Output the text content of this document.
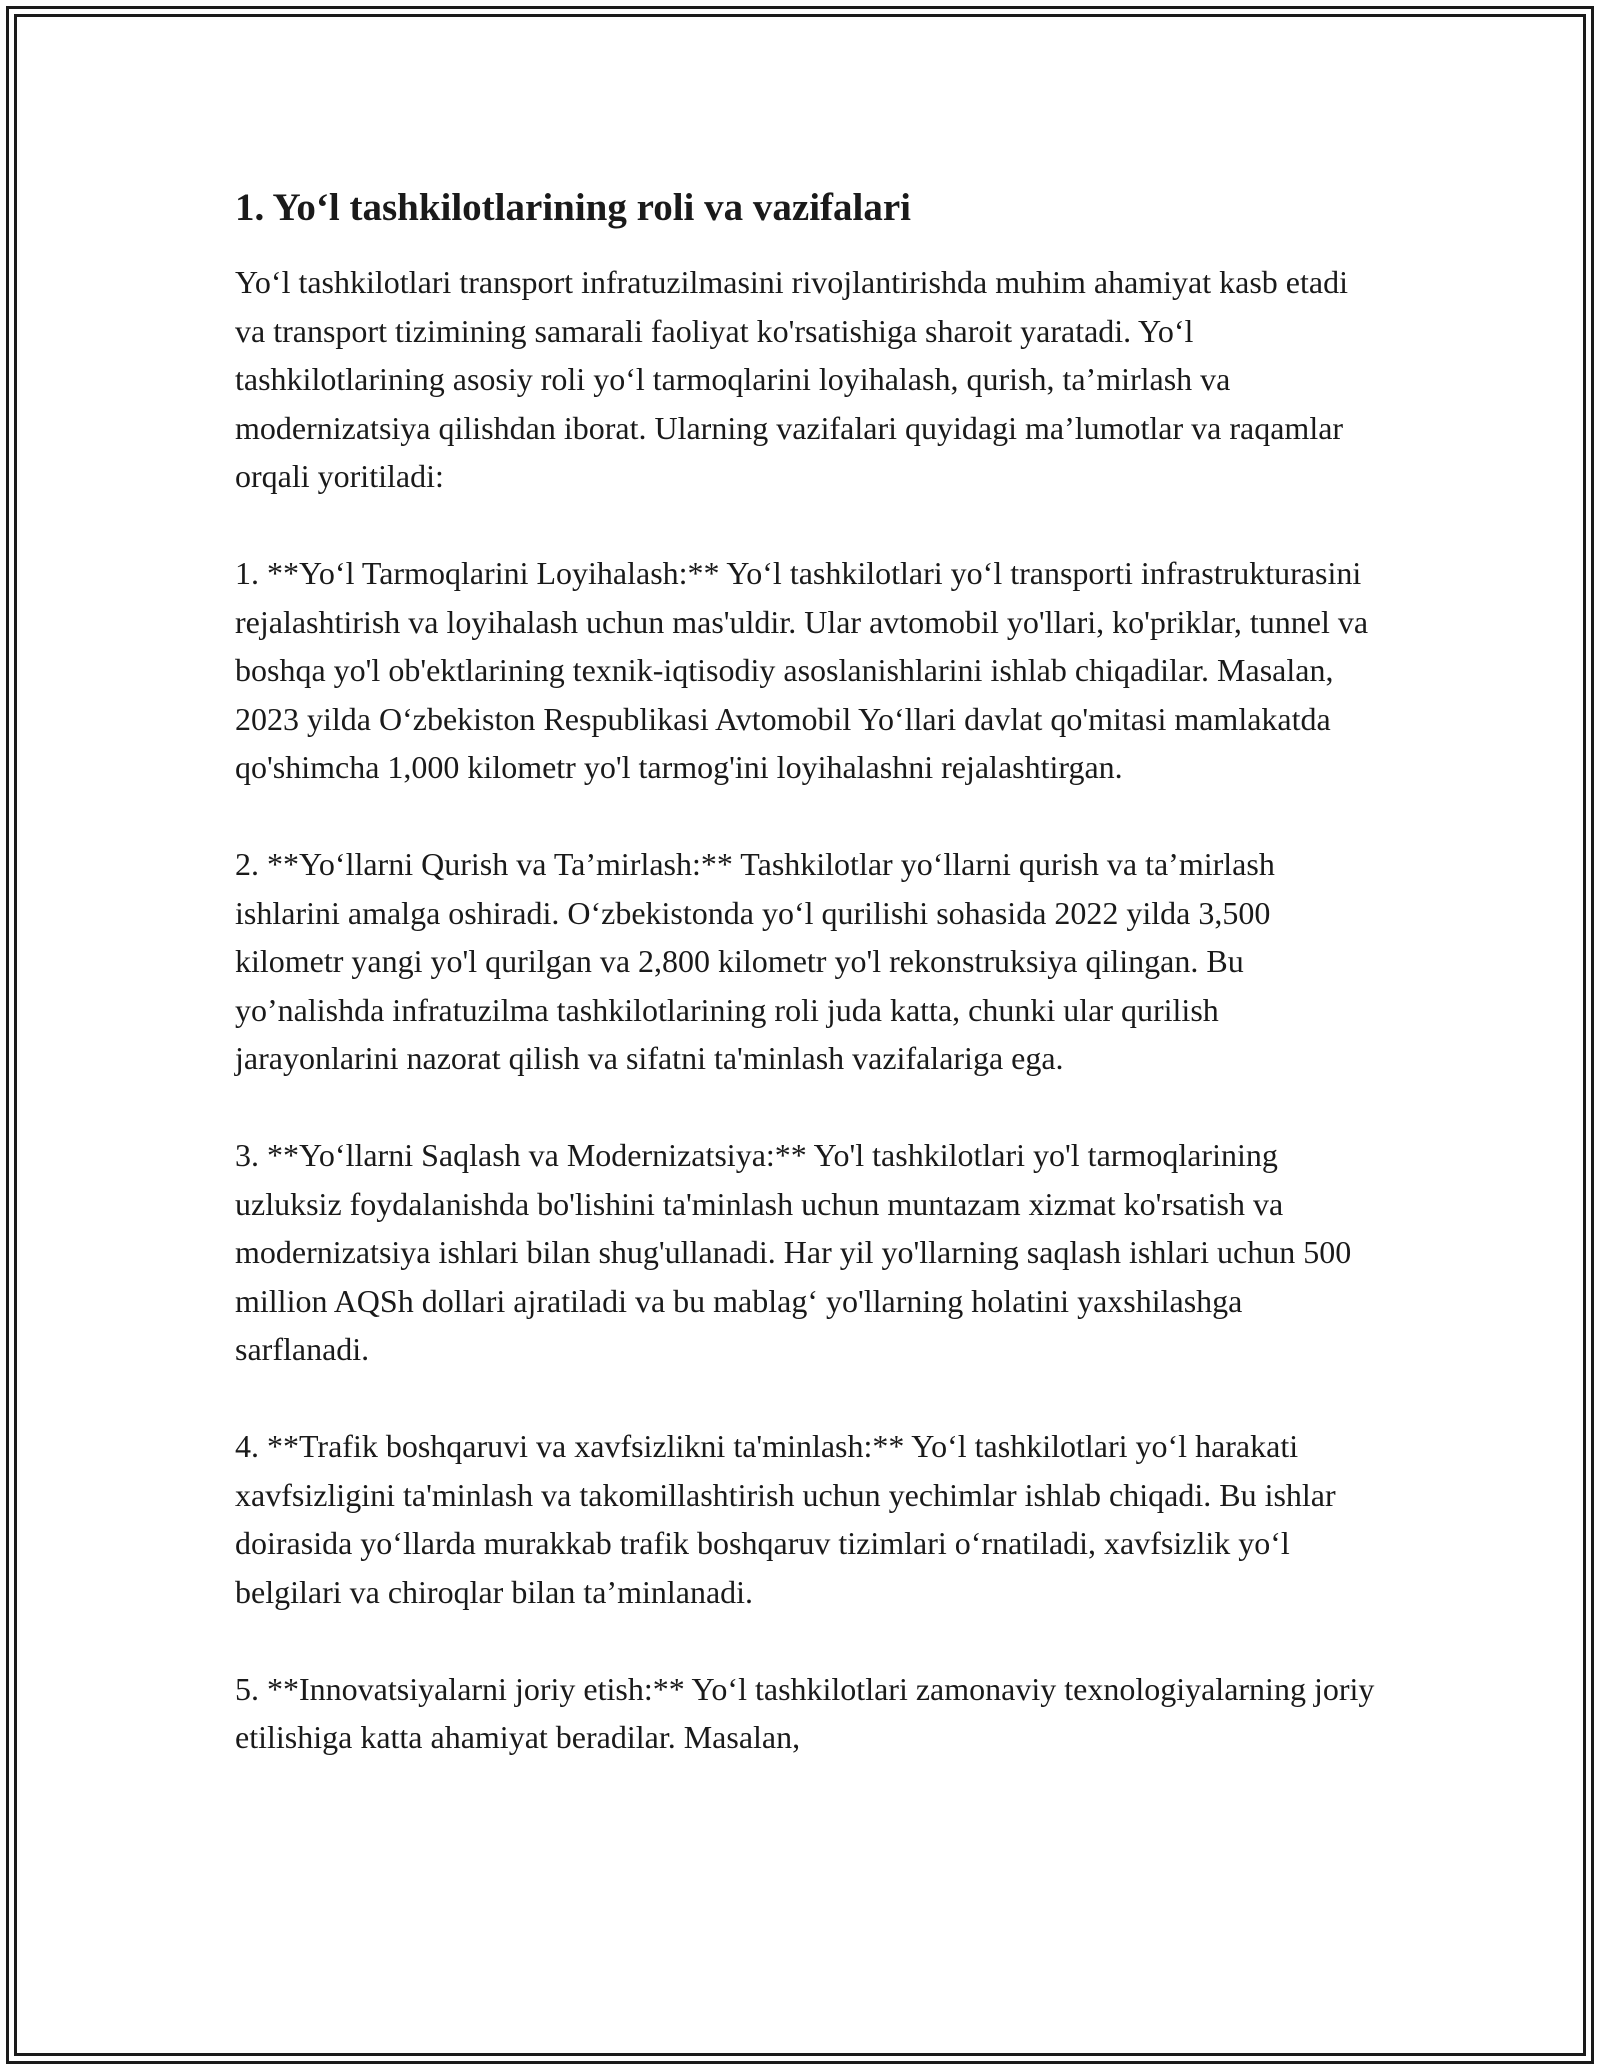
1. Yo‘l tashkilotlarining roli va vazifalari

Yo‘l tashkilotlari transport infratuzilmasini rivojlantirishda muhim ahamiyat kasb etadi va transport tizimining samarali faoliyat ko'rsatishiga sharoit yaratadi. Yo‘l tashkilotlarining asosiy roli yo‘l tarmoqlarini loyihalash, qurish, ta’mirlash va modernizatsiya qilishdan iborat. Ularning vazifalari quyidagi ma’lumotlar va raqamlar orqali yoritiladi:

1. **Yo‘l Tarmoqlarini Loyihalash:** Yo‘l tashkilotlari yo‘l transporti infrastrukturasini rejalashtirish va loyihalash uchun mas'uldir. Ular avtomobil yo'llari, ko'priklar, tunnel va boshqa yo'l ob'ektlarining texnik-iqtisodiy asoslanishlarini ishlab chiqadilar. Masalan, 2023 yilda O‘zbekiston Respublikasi Avtomobil Yo‘llari davlat qo'mitasi mamlakatda qo'shimcha 1,000 kilometr yo'l tarmog'ini loyihalashni rejalashtirgan.

2. **Yo‘llarni Qurish va Ta’mirlash:** Tashkilotlar yo‘llarni qurish va ta’mirlash ishlarini amalga oshiradi. O‘zbekistonda yo‘l qurilishi sohasida 2022 yilda 3,500 kilometr yangi yo'l qurilgan va 2,800 kilometr yo'l rekonstruksiya qilingan. Bu yo’nalishda infratuzilma tashkilotlarining roli juda katta, chunki ular qurilish jarayonlarini nazorat qilish va sifatni ta'minlash vazifalariga ega.

3. **Yo‘llarni Saqlash va Modernizatsiya:** Yo'l tashkilotlari yo'l tarmoqlarining uzluksiz foydalanishda bo'lishini ta'minlash uchun muntazam xizmat ko'rsatish va modernizatsiya ishlari bilan shug'ullanadi. Har yil yo'llarning saqlash ishlari uchun 500 million AQSh dollari ajratiladi va bu mablag‘ yo'llarning holatini yaxshilashga sarflanadi.

4. **Trafik boshqaruvi va xavfsizlikni ta'minlash:** Yo‘l tashkilotlari yo‘l harakati xavfsizligini ta'minlash va takomillashtirish uchun yechimlar ishlab chiqadi. Bu ishlar doirasida yo‘llarda murakkab trafik boshqaruv tizimlari o‘rnatiladi, xavfsizlik yo‘l belgilari va chiroqlar bilan ta’minlanadi.

5. **Innovatsiyalarni joriy etish:** Yo‘l tashkilotlari zamonaviy texnologiyalarning joriy etilishiga katta ahamiyat beradilar. Masalan,
